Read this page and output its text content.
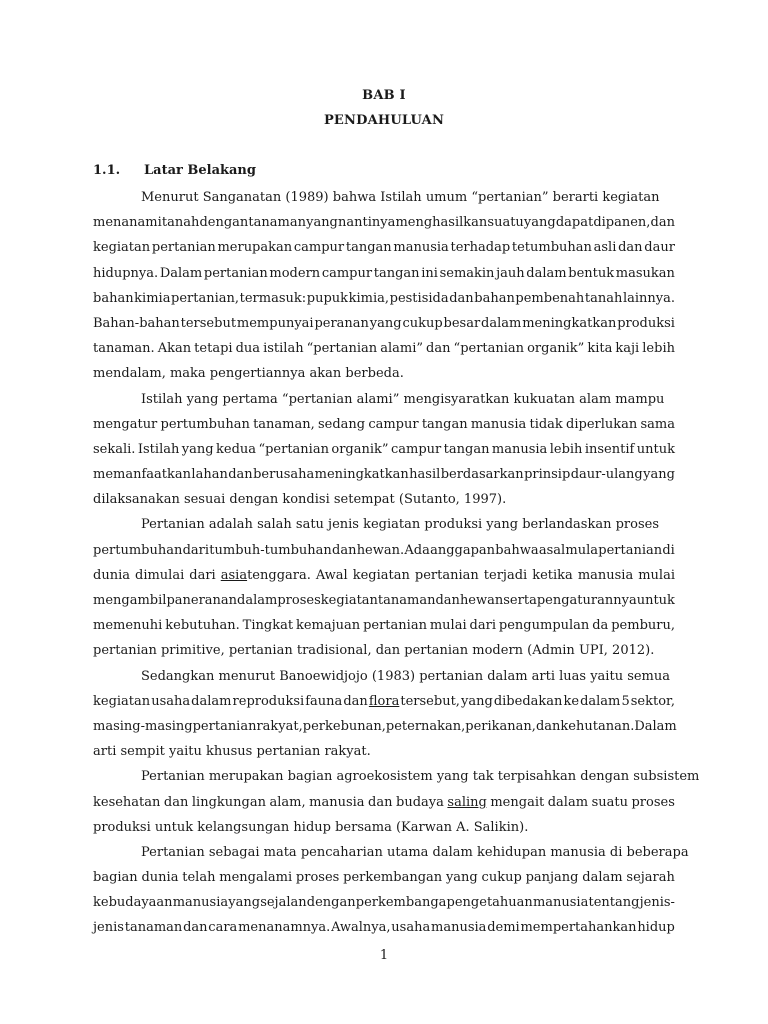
BAB I
PENDAHULUAN
1.1. Latar Belakang
Menurut Sanganatan (1989) bahwa Istilah umum “pertanian” berarti kegiatan
menanami tanah dengan tanaman yang nantinya menghasilkan suatu yang dapat dipanen, dan
kegiatan pertanian merupakan campur tangan manusia terhadap tetumbuhan asli dan daur
hidupnya. Dalam pertanian modern campur tangan ini semakin jauh dalam bentuk masukan
bahan kimia pertanian, termasuk: pupuk kimia, pestisida dan bahan pembenah tanah lainnya.
Bahan-bahan tersebut mempunyai peranan yang cukup besar dalam meningkatkan produksi
tanaman. Akan tetapi dua istilah “pertanian alami” dan “pertanian organik” kita kaji lebih
mendalam, maka pengertiannya akan berbeda.
Istilah yang pertama “pertanian alami” mengisyaratkan kukuatan alam mampu
mengatur pertumbuhan tanaman, sedang campur tangan manusia tidak diperlukan sama
sekali. Istilah yang kedua “pertanian organik” campur tangan manusia lebih insentif untuk
memanfaatkan lahan dan berusaha meningkatkan hasil berdasarkan prinsip daur-ulang yang
dilaksanakan sesuai dengan kondisi setempat (Sutanto, 1997).
Pertanian adalah salah satu jenis kegiatan produksi yang berlandaskan proses
pertumbuhan dari tumbuh-tumbuhan dan hewan. Ada anggapan bahwa asal mula pertanian di
dunia dimulai dari asiatenggara. Awal kegiatan pertanian terjadi ketika manusia mulai
mengambil paneranan dalam proses kegiatan tanaman dan hewan serta pengaturannya untuk
memenuhi kebutuhan. Tingkat kemajuan pertanian mulai dari pengumpulan da pemburu,
pertanian primitive, pertanian tradisional, dan pertanian modern (Admin UPI, 2012).
Sedangkan menurut Banoewidjojo (1983) pertanian dalam arti luas yaitu semua
kegiatan usaha dalam reproduksi fauna dan flora tersebut, yang dibedakan ke dalam 5 sektor,
masing-masing pertanian rakyat, perkebunan, peternakan, perikanan, dan kehutanan. Dalam
arti sempit yaitu khusus pertanian rakyat.
Pertanian merupakan bagian agroekosistem yang tak terpisahkan dengan subsistem
kesehatan dan lingkungan alam, manusia dan budaya saling mengait dalam suatu proses
produksi untuk kelangsungan hidup bersama (Karwan A. Salikin).
Pertanian sebagai mata pencaharian utama dalam kehidupan manusia di beberapa
bagian dunia telah mengalami proses perkembangan yang cukup panjang dalam sejarah
kebudayaan manusia yang sejalan dengan perkembanga pengetahuan manusia tentang jenis-
jenis tanaman dan cara menanamnya. Awalnya, usaha manusia demi mempertahankan hidup
1
